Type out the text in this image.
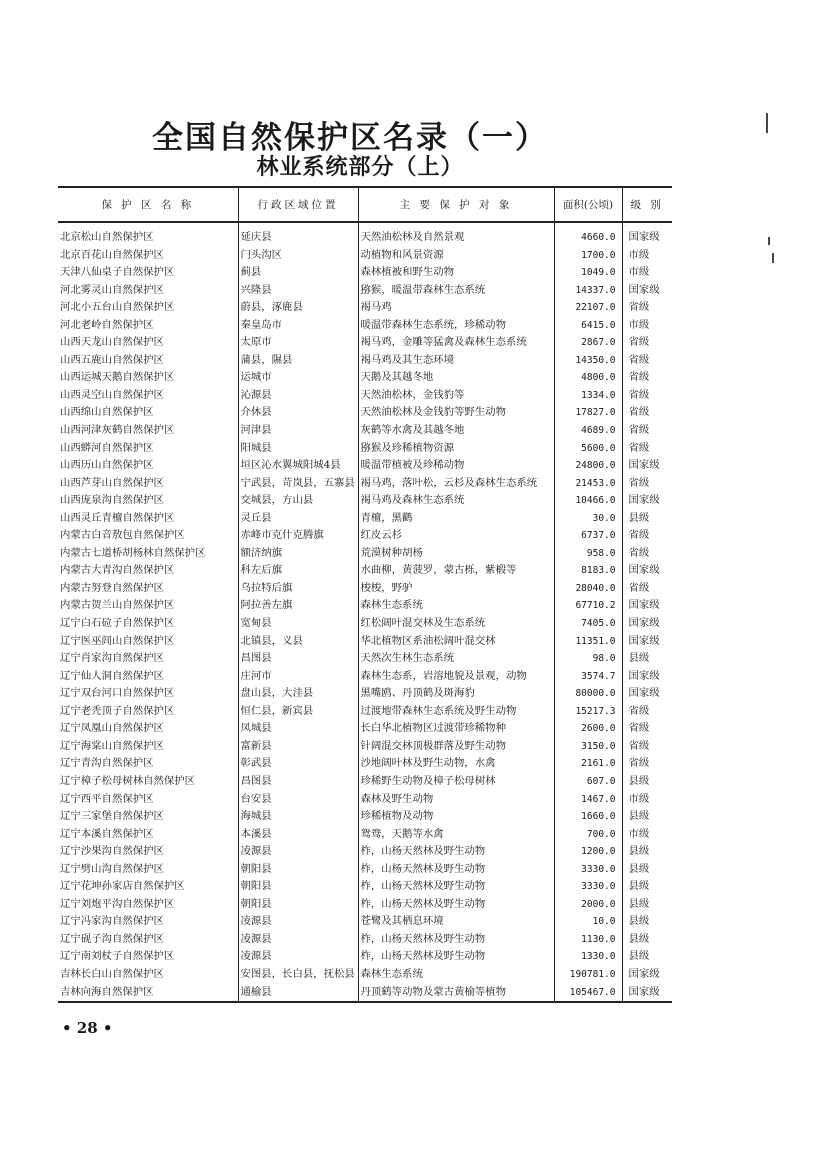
全国自然保护区名录（一）
林业系统部分（上）
保 护 区 名 称	行政区域位置	主 要 保 护 对 象	面积(公顷)	级 别
北京松山自然保护区	延庆县	天然油松林及自然景观	4660.0	国家级
北京百花山自然保护区	门头沟区	动植物和风景资源	1700.0	市级
天津八仙桌子自然保护区	蓟县	森林植被和野生动物	1049.0	市级
河北雾灵山自然保护区	兴隆县	猕猴，暖温带森林生态系统	14337.0	国家级
河北小五台山自然保护区	蔚县，涿鹿县	褐马鸡	22107.0	省级
河北老岭自然保护区	秦皇岛市	暖温带森林生态系统，珍稀动物	6415.0	市级
山西天龙山自然保护区	太原市	褐马鸡，金雕等猛禽及森林生态系统	2867.0	省级
山西五鹿山自然保护区	蒲县，隰县	褐马鸡及其生态环境	14350.0	省级
山西运城天鹅自然保护区	运城市	天鹅及其越冬地	4800.0	省级
山西灵空山自然保护区	沁源县	天然油松林，金钱豹等	1334.0	省级
山西绵山自然保护区	介休县	天然油松林及金钱豹等野生动物	17827.0	省级
山西河津灰鹤自然保护区	河津县	灰鹤等水禽及其越冬地	4689.0	省级
山西蟒河自然保护区	阳城县	猕猴及珍稀植物资源	5600.0	省级
山西历山自然保护区	垣区沁水翼城阳城4县	暖温带植被及珍稀动物	24800.0	国家级
山西芦芽山自然保护区	宁武县，苛岚县，五寨县	褐马鸡，落叶松，云杉及森林生态系统	21453.0	省级
山西庞泉沟自然保护区	交城县，方山县	褐马鸡及森林生态系统	10466.0	国家级
山西灵丘青檀自然保护区	灵丘县	青檀，黑鹳	30.0	县级
内蒙古白音敖包自然保护区	赤峰市克什克腾旗	红皮云杉	6737.0	省级
内蒙古七道桥胡杨林自然保护区	额济纳旗	荒漠树种胡杨	958.0	省级
内蒙古大青沟自然保护区	科左后旗	水曲柳，黄菠罗，蒙古栎，紫椴等	8183.0	国家级
内蒙古努登自然保护区	乌拉特后旗	梭梭，野驴	28040.0	省级
内蒙古贺兰山自然保护区	阿拉善左旗	森林生态系统	67710.2	国家级
辽宁白石砬子自然保护区	宽甸县	红松阔叶混交林及生态系统	7405.0	国家级
辽宁医巫闾山自然保护区	北镇县，义县	华北植物区系油松阔叶混交林	11351.0	国家级
辽宁肖家沟自然保护区	昌图县	天然次生林生态系统	98.0	县级
辽宁仙人洞自然保护区	庄河市	森林生态系，岩溶地貌及景观，动物	3574.7	国家级
辽宁双台河口自然保护区	盘山县，大洼县	黑嘴鸥、丹顶鹤及斑海豹	80000.0	国家级
辽宁老秃顶子自然保护区	恒仁县，新宾县	过渡地带森林生态系统及野生动物	15217.3	省级
辽宁凤凰山自然保护区	凤城县	长白华北植物区过渡带珍稀物种	2600.0	省级
辽宁海棠山自然保护区	富新县	针阔混交林顶极群落及野生动物	3150.0	省级
辽宁青沟自然保护区	彰武县	沙地阔叶林及野生动物，水禽	2161.0	省级
辽宁樟子松母树林自然保护区	昌图县	珍稀野生动物及樟子松母树林	607.0	县级
辽宁西平自然保护区	台安县	森林及野生动物	1467.0	市级
辽宁三家堡自然保护区	海城县	珍稀植物及动物	1660.0	县级
辽宁本溪自然保护区	本溪县	鸳鸯，天鹅等水禽	700.0	市级
辽宁沙果沟自然保护区	凌源县	柞，山杨天然林及野生动物	1200.0	县级
辽宁劈山沟自然保护区	朝阳县	柞，山杨天然林及野生动物	3330.0	县级
辽宁花坤孙家店自然保护区	朝阳县	柞，山杨天然林及野生动物	3330.0	县级
辽宁刘炮平沟自然保护区	朝阳县	柞，山杨天然林及野生动物	2000.0	县级
辽宁冯家沟自然保护区	凌源县	苍鹭及其栖息环境	10.0	县级
辽宁砚子沟自然保护区	凌源县	柞，山杨天然林及野生动物	1130.0	县级
辽宁南刘杖子自然保护区	凌源县	柞，山杨天然林及野生动物	1330.0	县级
吉林长白山自然保护区	安图县，长白县，抚松县	森林生态系统	190781.0	国家级
吉林向海自然保护区	通榆县	丹顶鹤等动物及蒙古黄榆等植物	105467.0	国家级
• 28 •
